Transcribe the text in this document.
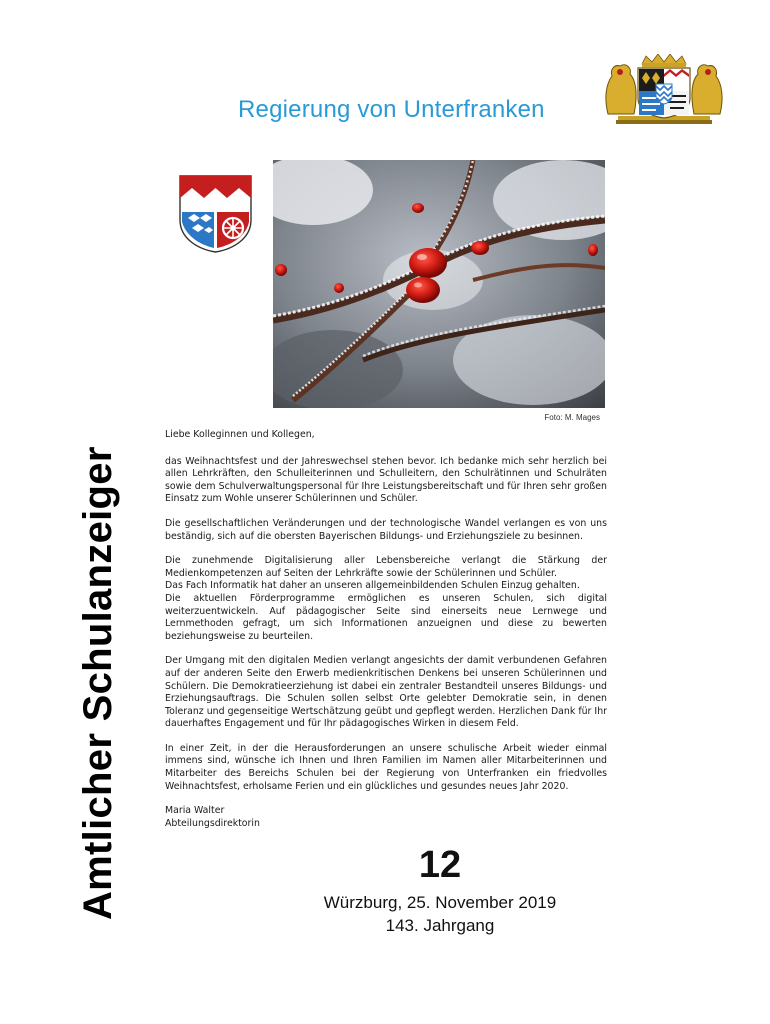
Regierung von Unterfranken
Foto: M. Mages
Amtlicher Schulanzeiger
Liebe Kolleginnen und Kollegen,
das Weihnachtsfest und der Jahreswechsel stehen bevor. Ich bedanke mich sehr herzlich bei allen Lehrkräften, den Schulleiterinnen und Schulleitern, den Schulrätinnen und Schulräten sowie dem Schulverwaltungspersonal für Ihre Leistungsbereitschaft und für Ihren sehr großen Einsatz zum Wohle unserer Schülerinnen und Schüler.
Die gesellschaftlichen Veränderungen und der technologische Wandel verlangen es von uns beständig, sich auf die obersten Bayerischen Bildungs- und Erziehungsziele zu besinnen.
Die zunehmende Digitalisierung aller Lebensbereiche verlangt die Stärkung der Medienkompetenzen auf Seiten der Lehrkräfte sowie der Schülerinnen und Schüler.
Das Fach Informatik hat daher an unseren allgemeinbildenden Schulen Einzug gehalten.
Die aktuellen Förderprogramme ermöglichen es unseren Schulen, sich digital weiterzuentwickeln. Auf pädagogischer Seite sind einerseits neue Lernwege und Lernmethoden gefragt, um sich Informationen anzueignen und diese zu bewerten beziehungsweise zu beurteilen.
Der Umgang mit den digitalen Medien verlangt angesichts der damit verbundenen Gefahren auf der anderen Seite den Erwerb medienkritischen Denkens bei unseren Schülerinnen und Schülern. Die Demokratieerziehung ist dabei ein zentraler Bestandteil unseres Bildungs- und Erziehungsauftrags. Die Schulen sollen selbst Orte gelebter Demokratie sein, in denen Toleranz und gegenseitige Wertschätzung geübt und gepflegt werden. Herzlichen Dank für Ihr dauerhaftes Engagement und für Ihr pädagogisches Wirken in diesem Feld.
In einer Zeit, in der die Herausforderungen an unsere schulische Arbeit wieder einmal immens sind, wünsche ich Ihnen und Ihren Familien im Namen aller Mitarbeiterinnen und Mitarbeiter des Bereichs Schulen bei der Regierung von Unterfranken ein friedvolles Weihnachtsfest, erholsame Ferien und ein glückliches und gesundes neues Jahr 2020.
Maria Walter
Abteilungsdirektorin
12
Würzburg, 25. November 2019
143. Jahrgang
